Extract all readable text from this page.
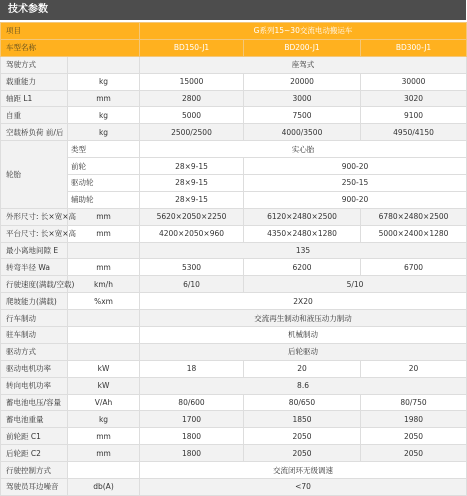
技术参数
项目		G系列15~30交流电动搬运车		
车型名称		BD150-J1	BD200-J1	BD300-J1
驾驶方式		座驾式		
载重能力	kg	15000	20000	30000
轴距 L1	mm	2800	3000	3020
自重	kg	5000	7500	9100
空载桥负荷 前/后	kg	2500/2500	4000/3500	4950/4150
轮胎	类型	实心胎		
	前轮	28×9-15	900-20	
	驱动轮	28×9-15	250-15	
	辅助轮	28×9-15	900-20	
外形尺寸: 长×宽×高	mm	5620×2050×2250	6120×2480×2500	6780×2480×2500
平台尺寸: 长×宽×高	mm	4200×2050×960	4350×2480×1280	5000×2400×1280
最小离地间隙 E		135		
转弯半径 Wa	mm	5300	6200	6700
行驶速度(满载/空载)	km/h	6/10	5/10	
爬坡能力(满载)	%xm	2X20		
行车制动		交流再生制动和液压动力制动		
驻车制动		机械制动		
驱动方式		后轮驱动		
驱动电机功率	kW	18	20	20
转向电机功率	kW	8.6		
蓄电池电压/容量	V/Ah	80/600	80/650	80/750
蓄电池重量	kg	1700	1850	1980
前轮距 C1	mm	1800	2050	2050
后轮距 C2	mm	1800	2050	2050
行驶控制方式		交流闭环无级调速		
驾驶员耳边噪音	db(A)	<70		
